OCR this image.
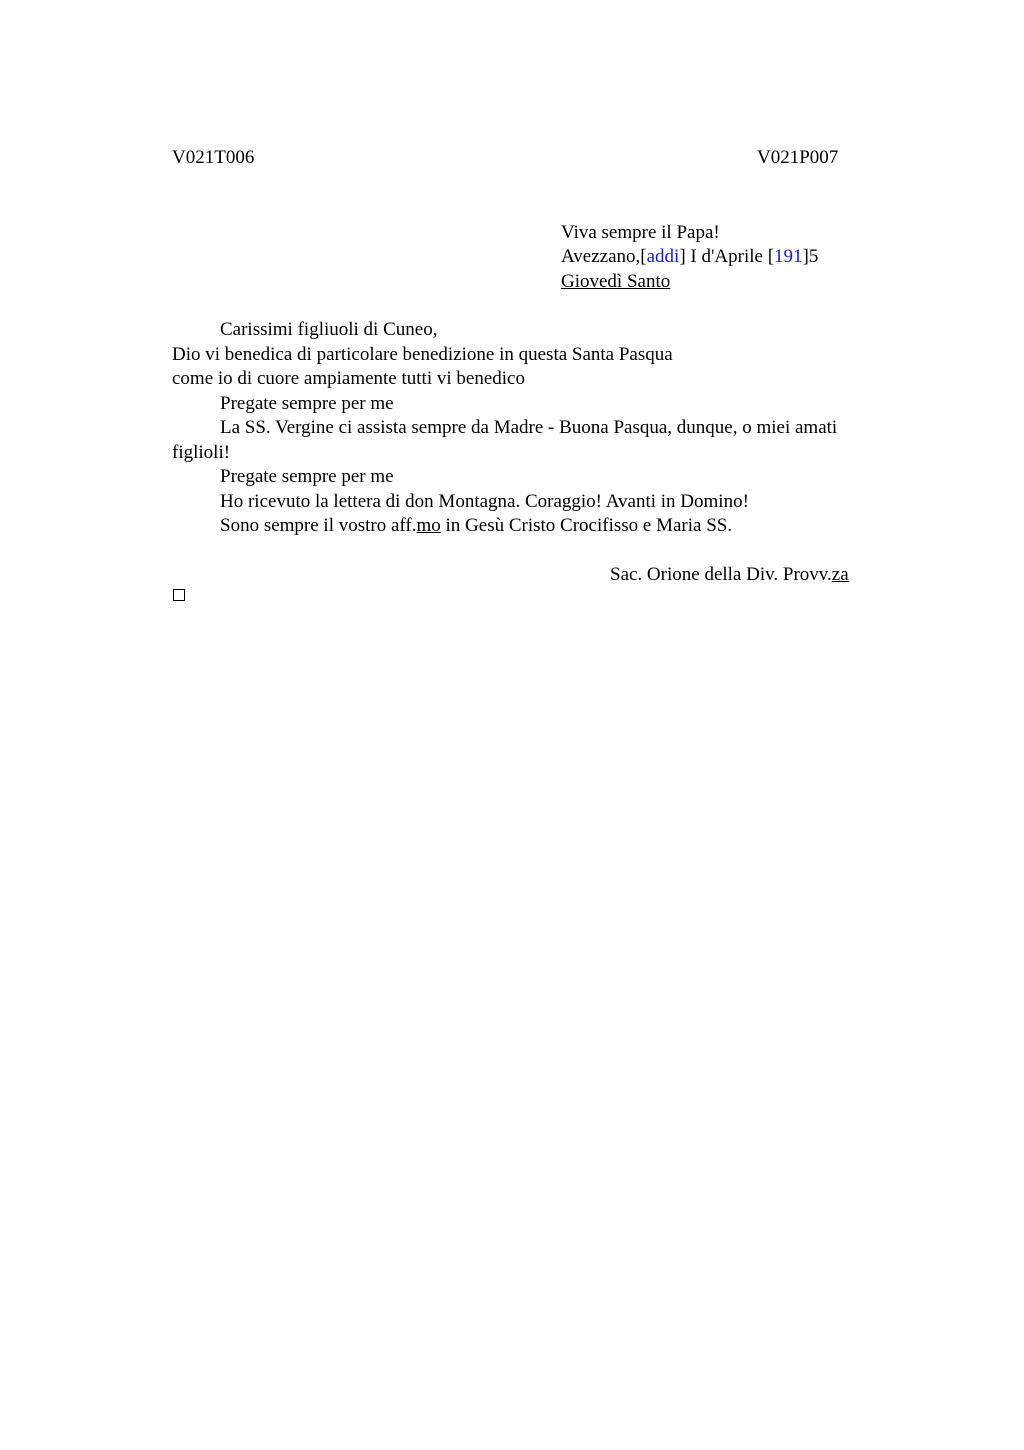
V021T006	V021P007
Viva sempre il Papa!
Avezzano,[addi] I d'Aprile [191]5
Giovedì Santo
Carissimi figliuoli di Cuneo,
Dio vi benedica di particolare benedizione in questa Santa Pasqua
come io di cuore ampiamente tutti vi benedico
Pregate sempre per me
La SS. Vergine ci assista sempre da Madre - Buona Pasqua, dunque, o miei amati
figlioli!
Pregate sempre per me
Ho ricevuto la lettera di don Montagna. Coraggio! Avanti in Domino!
Sono sempre il vostro aff.mo in Gesù Cristo Crocifisso e Maria SS.
Sac. Orione della Div. Provv.za
